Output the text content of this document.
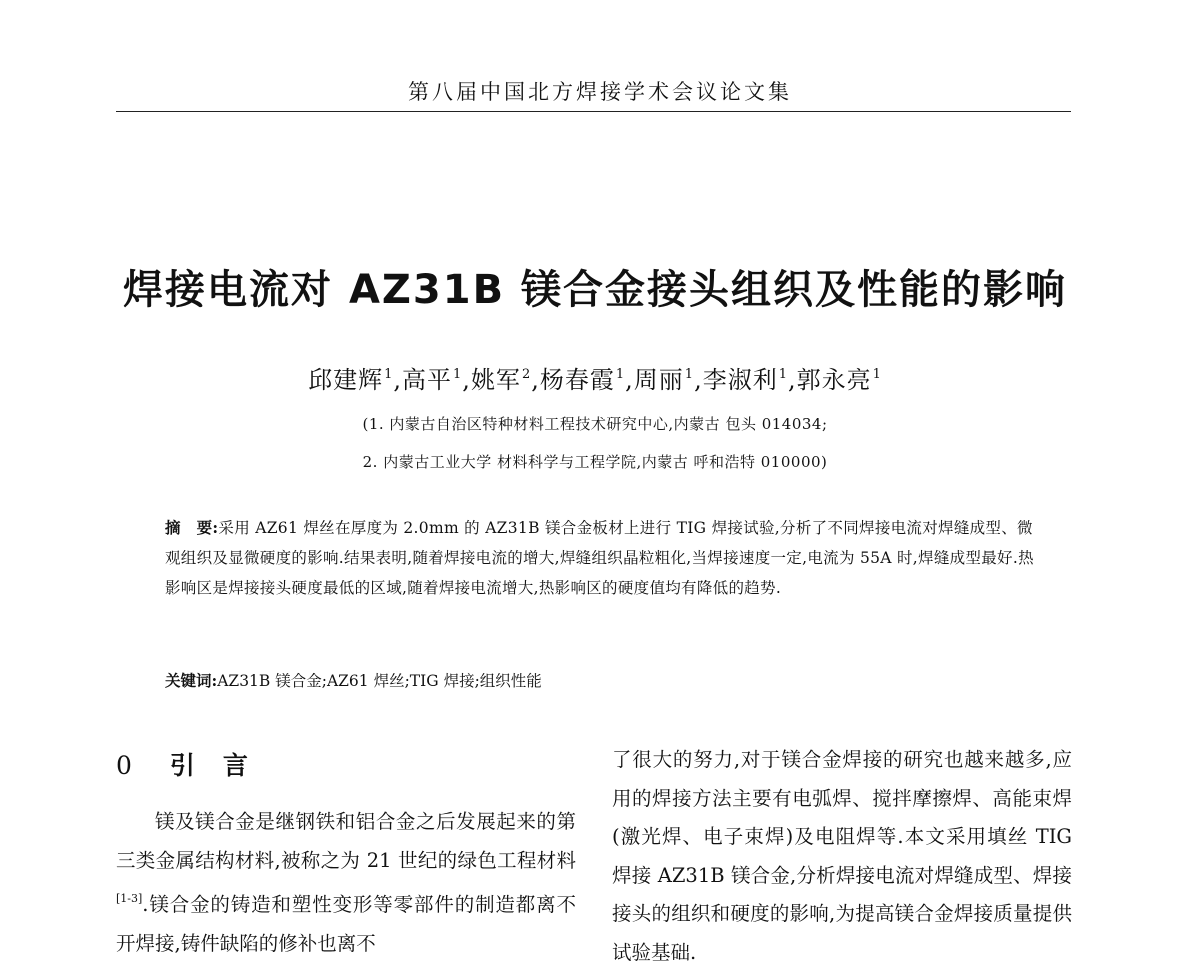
第八届中国北方焊接学术会议论文集
焊接电流对 AZ31B 镁合金接头组织及性能的影响
邱建辉$^1$,高平$^1$,姚军$^2$,杨春霞$^1$,周丽$^1$,李淑利$^1$,郭永亮$^1$
(1. 内蒙古自治区特种材料工程技术研究中心,内蒙古 包头 014034;
2. 内蒙古工业大学 材料科学与工程学院,内蒙古 呼和浩特 010000)
摘　要:采用 AZ61 焊丝在厚度为 2.0mm 的 AZ31B 镁合金板材上进行 TIG 焊接试验,分析了不同焊接电流对焊缝成型、微观组织及显微硬度的影响.结果表明,随着焊接电流的增大,焊缝组织晶粒粗化,当焊接速度一定,电流为 55A 时,焊缝成型最好.热影响区是焊接接头硬度最低的区域,随着焊接电流增大,热影响区的硬度值均有降低的趋势.
关键词:AZ31B 镁合金;AZ61 焊丝;TIG 焊接;组织性能
0 引 言
镁及镁合金是继钢铁和铝合金之后发展起来的第三类金属结构材料,被称之为 21 世纪的绿色工程材料[1-3].镁合金的铸造和塑性变形等零部件的制造都离不开焊接,铸件缺陷的修补也离不
了很大的努力,对于镁合金焊接的研究也越来越多,应用的焊接方法主要有电弧焊、搅拌摩擦焊、高能束焊(激光焊、电子束焊)及电阻焊等.本文采用填丝 TIG 焊接 AZ31B 镁合金,分析焊接电流对焊缝成型、焊接接头的组织和硬度的影响,为提高镁合金焊接质量提供试验基础.
